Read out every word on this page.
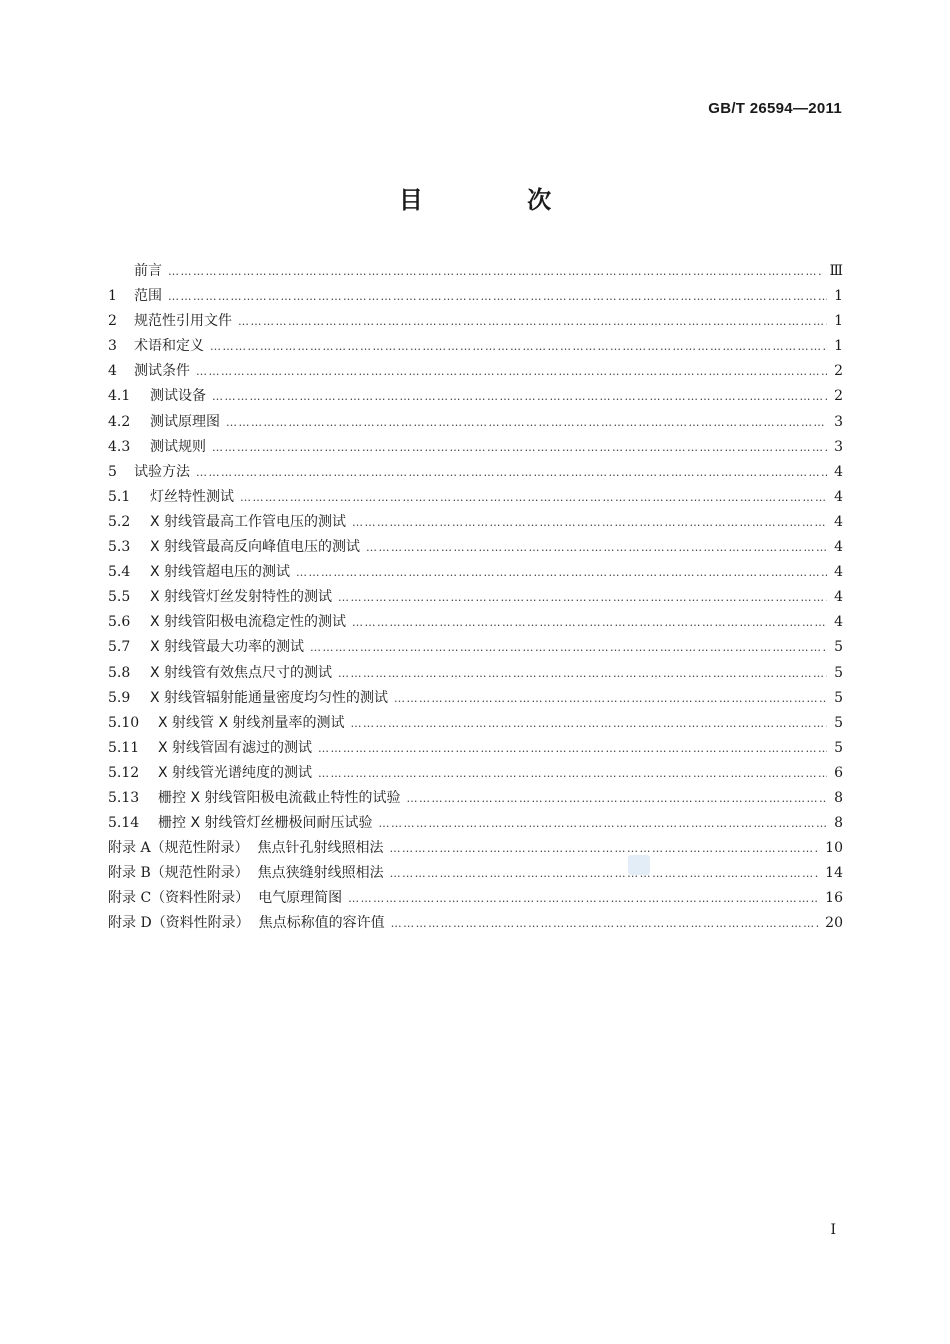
GB/T 26594—2011
目 次
前言 …………………………………………………………………………………………………………………………………………………………………………………………………………………………………………	Ⅲ
1	范围 …………………………………………………………………………………………………………………………………………………………………………………………………………………………………………	1
2	规范性引用文件 …………………………………………………………………………………………………………………………………………………………………………………………………………………………………………	1
3	术语和定义 …………………………………………………………………………………………………………………………………………………………………………………………………………………………………………	1
4	测试条件 …………………………………………………………………………………………………………………………………………………………………………………………………………………………………………	2
4.1	测试设备 …………………………………………………………………………………………………………………………………………………………………………………………………………………………………………	2
4.2	测试原理图 …………………………………………………………………………………………………………………………………………………………………………………………………………………………………………	3
4.3	测试规则 …………………………………………………………………………………………………………………………………………………………………………………………………………………………………………	3
5	试验方法 …………………………………………………………………………………………………………………………………………………………………………………………………………………………………………	4
5.1	灯丝特性测试 …………………………………………………………………………………………………………………………………………………………………………………………………………………………………………	4
5.2	X 射线管最高工作管电压的测试 …………………………………………………………………………………………………………………………………………………………………………………………………………………………………………	4
5.3	X 射线管最高反向峰值电压的测试 …………………………………………………………………………………………………………………………………………………………………………………………………………………………………………	4
5.4	X 射线管超电压的测试 …………………………………………………………………………………………………………………………………………………………………………………………………………………………………………	4
5.5	X 射线管灯丝发射特性的测试 …………………………………………………………………………………………………………………………………………………………………………………………………………………………………………	4
5.6	X 射线管阳极电流稳定性的测试 …………………………………………………………………………………………………………………………………………………………………………………………………………………………………………	4
5.7	X 射线管最大功率的测试 …………………………………………………………………………………………………………………………………………………………………………………………………………………………………………	5
5.8	X 射线管有效焦点尺寸的测试 …………………………………………………………………………………………………………………………………………………………………………………………………………………………………………	5
5.9	X 射线管辐射能通量密度均匀性的测试 …………………………………………………………………………………………………………………………………………………………………………………………………………………………………………	5
5.10	X 射线管 X 射线剂量率的测试 …………………………………………………………………………………………………………………………………………………………………………………………………………………………………………	5
5.11	X 射线管固有滤过的测试 …………………………………………………………………………………………………………………………………………………………………………………………………………………………………………	5
5.12	X 射线管光谱纯度的测试 …………………………………………………………………………………………………………………………………………………………………………………………………………………………………………	6
5.13	栅控 X 射线管阳极电流截止特性的试验 …………………………………………………………………………………………………………………………………………………………………………………………………………………………………………	8
5.14	栅控 X 射线管灯丝栅极间耐压试验 …………………………………………………………………………………………………………………………………………………………………………………………………………………………………………	8
附录 A （规范性附录）  焦点针孔射线照相法 …………………………………………………………………………………………………………………………………………………………………………………………………………………………………………	10
附录 B （规范性附录）  焦点狭缝射线照相法 …………………………………………………………………………………………………………………………………………………………………………………………………………………………………………	14
附录 C （资料性附录）  电气原理简图 …………………………………………………………………………………………………………………………………………………………………………………………………………………………………………	16
附录 D （资料性附录）  焦点标称值的容许值 …………………………………………………………………………………………………………………………………………………………………………………………………………………………………………	20
Ⅰ
